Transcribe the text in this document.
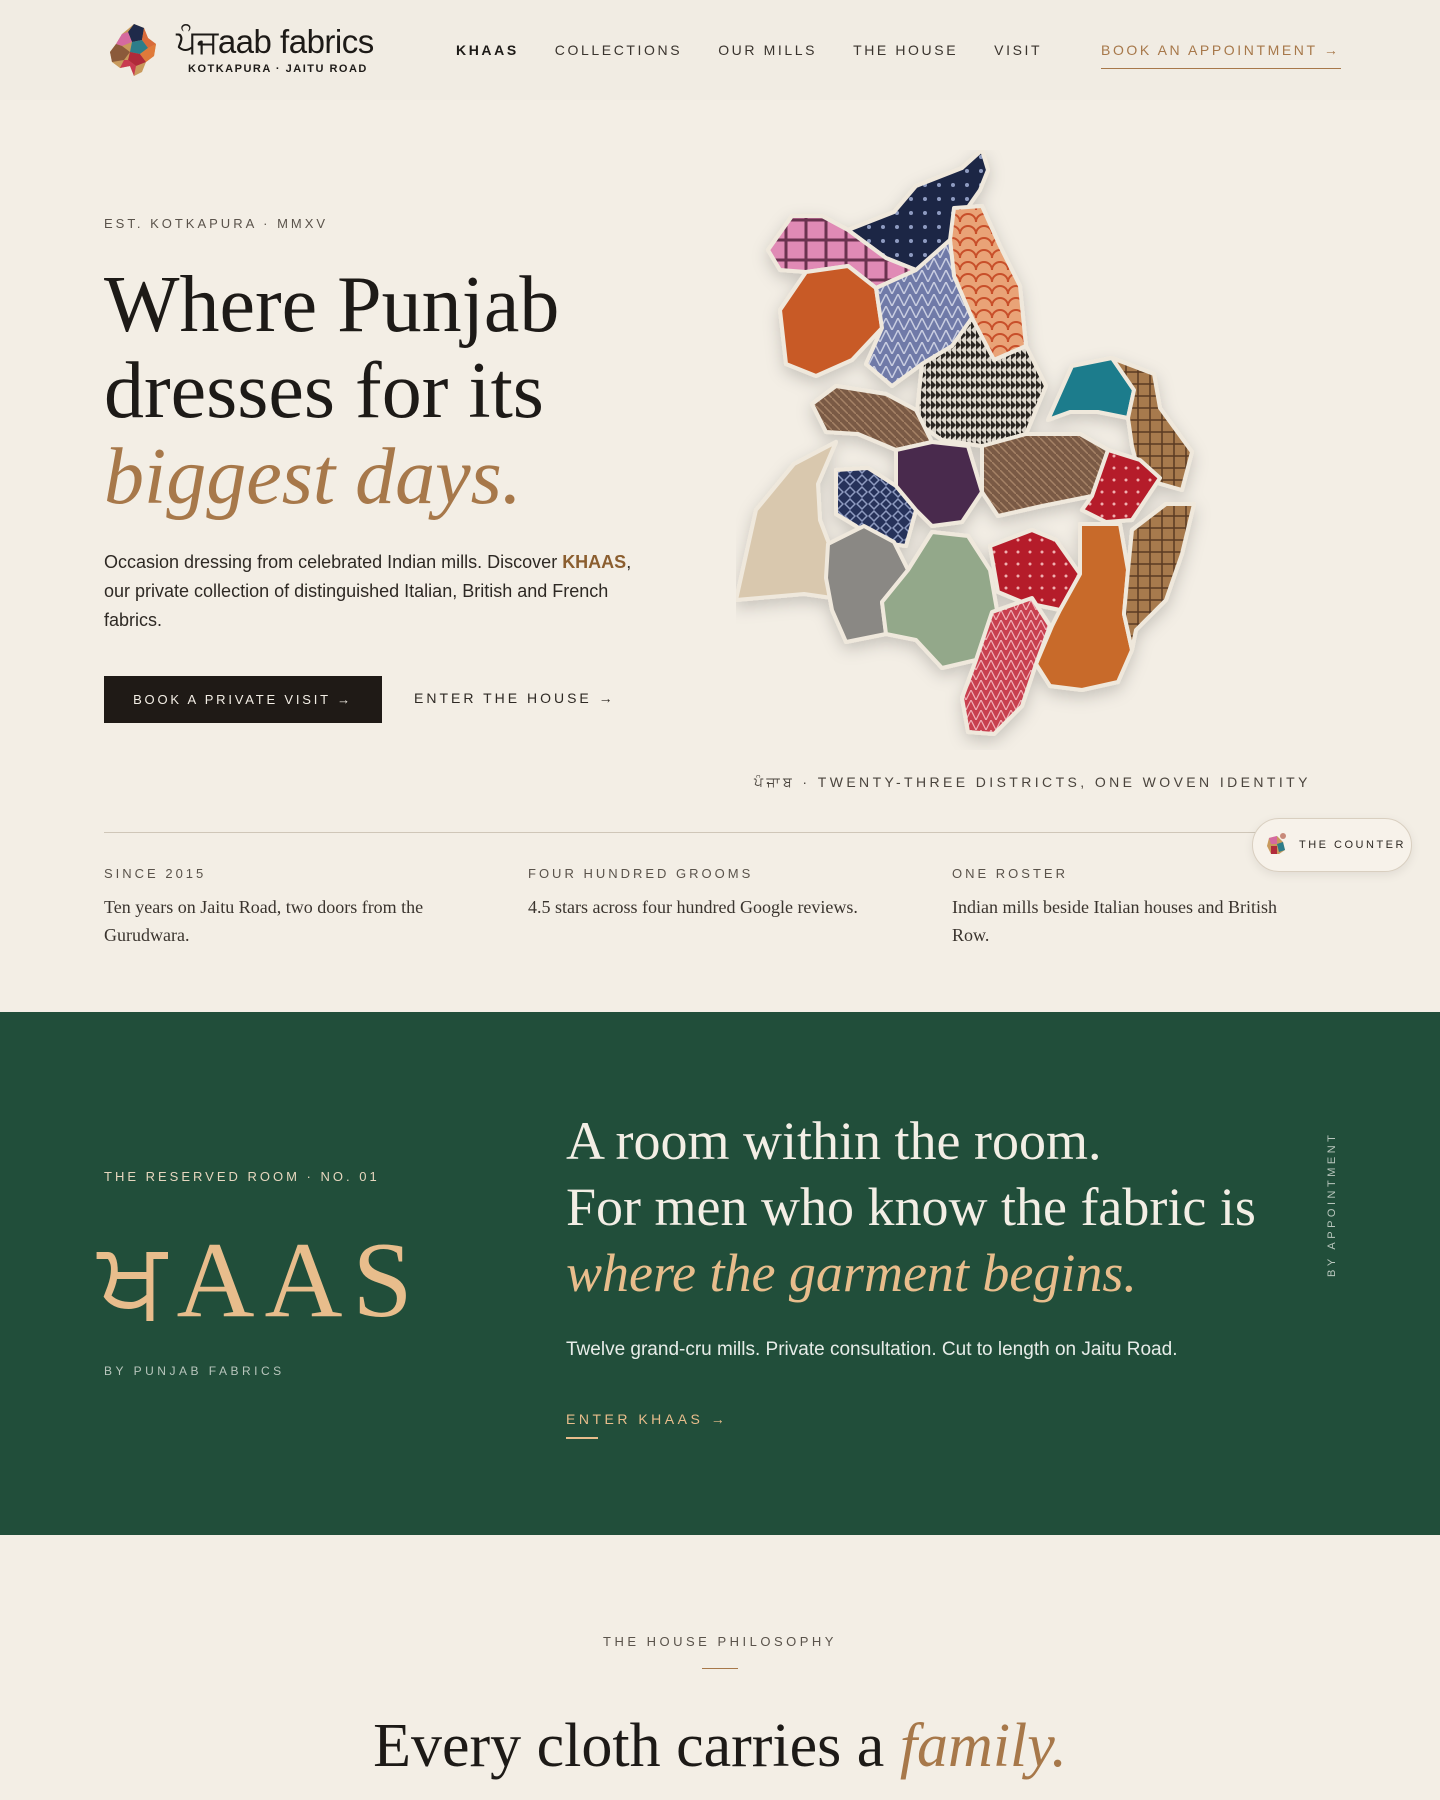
ਪੰਜaab fabrics
KOTKAPURA · JAITU ROAD
KHAAS	COLLECTIONS	OUR MILLS	THE HOUSE	VISIT	BOOK AN APPOINTMENT →
EST. KOTKAPURA · MMXV
Where Punjab
dresses for its
biggest days.

Occasion dressing from celebrated Indian mills. Discover KHAAS, our private collection of distinguished Italian, British and French fabrics.

BOOK A PRIVATE VISIT →	ENTER THE HOUSE →
ਪੰਜਾਬ · TWENTY-THREE DISTRICTS, ONE WOVEN IDENTITY
SINCE 2015
Ten years on Jaitu Road, two doors from the Gurudwara.
FOUR HUNDRED GROOMS
4.5 stars across four hundred Google reviews.
ONE ROSTER
Indian mills beside Italian houses and British Row.
THE COUNTER
THE RESERVED ROOM · NO. 01
ਖAAS
BY PUNJAB FABRICS
A room within the room.
For men who know the fabric is
where the garment begins.

Twelve grand-cru mills. Private consultation. Cut to length on Jaitu Road.

ENTER KHAAS →
BY APPOINTMENT
THE HOUSE PHILOSOPHY
Every cloth carries a family.
